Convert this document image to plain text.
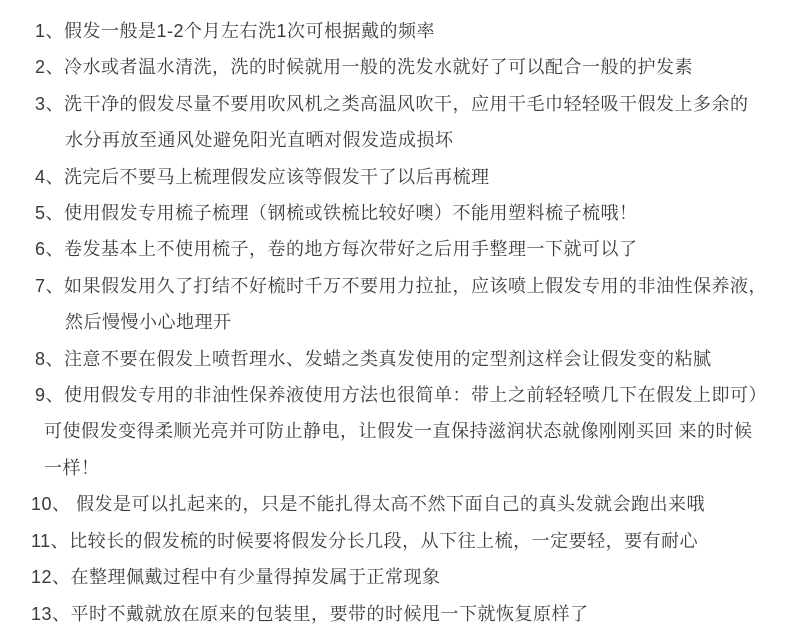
1、 假发一般是1-2个月左右洗1次可根据戴的频率
2、 冷水或者温水清洗，洗的时候就用一般的洗发水就好了可以配合一般的护发素
3、 洗干净的假发尽量不要用吹风机之类高温风吹干，应用干毛巾轻轻吸干假发上多余的
水分再放至通风处避免阳光直晒对假发造成损坏
4、 洗完后不要马上梳理假发应该等假发干了以后再梳理
5、 使用假发专用梳子梳理（钢梳或铁梳比较好噢）不能用塑料梳子梳哦！
6、 卷发基本上不使用梳子，卷的地方每次带好之后用手整理一下就可以了
7、 如果假发用久了打结不好梳时千万不要用力拉扯，应该喷上假发专用的非油性保养液，
然后慢慢小心地理开
8、 注意不要在假发上喷哲理水、发蜡之类真发使用的定型剂这样会让假发变的粘腻
9、 使用假发专用的非油性保养液使用方法也很简单：带上之前轻轻喷几下在假发上即可）
可使假发变得柔顺光亮并可防止静电，让假发一直保持滋润状态就像刚刚买回 来的时候
一样！
10、 假发是可以扎起来的，只是不能扎得太高不然下面自己的真头发就会跑出来哦
11、 比较长的假发梳的时候要将假发分长几段，从下往上梳，一定要轻，要有耐心
12、 在整理佩戴过程中有少量得掉发属于正常现象
13、 平时不戴就放在原来的包装里，要带的时候甩一下就恢复原样了
